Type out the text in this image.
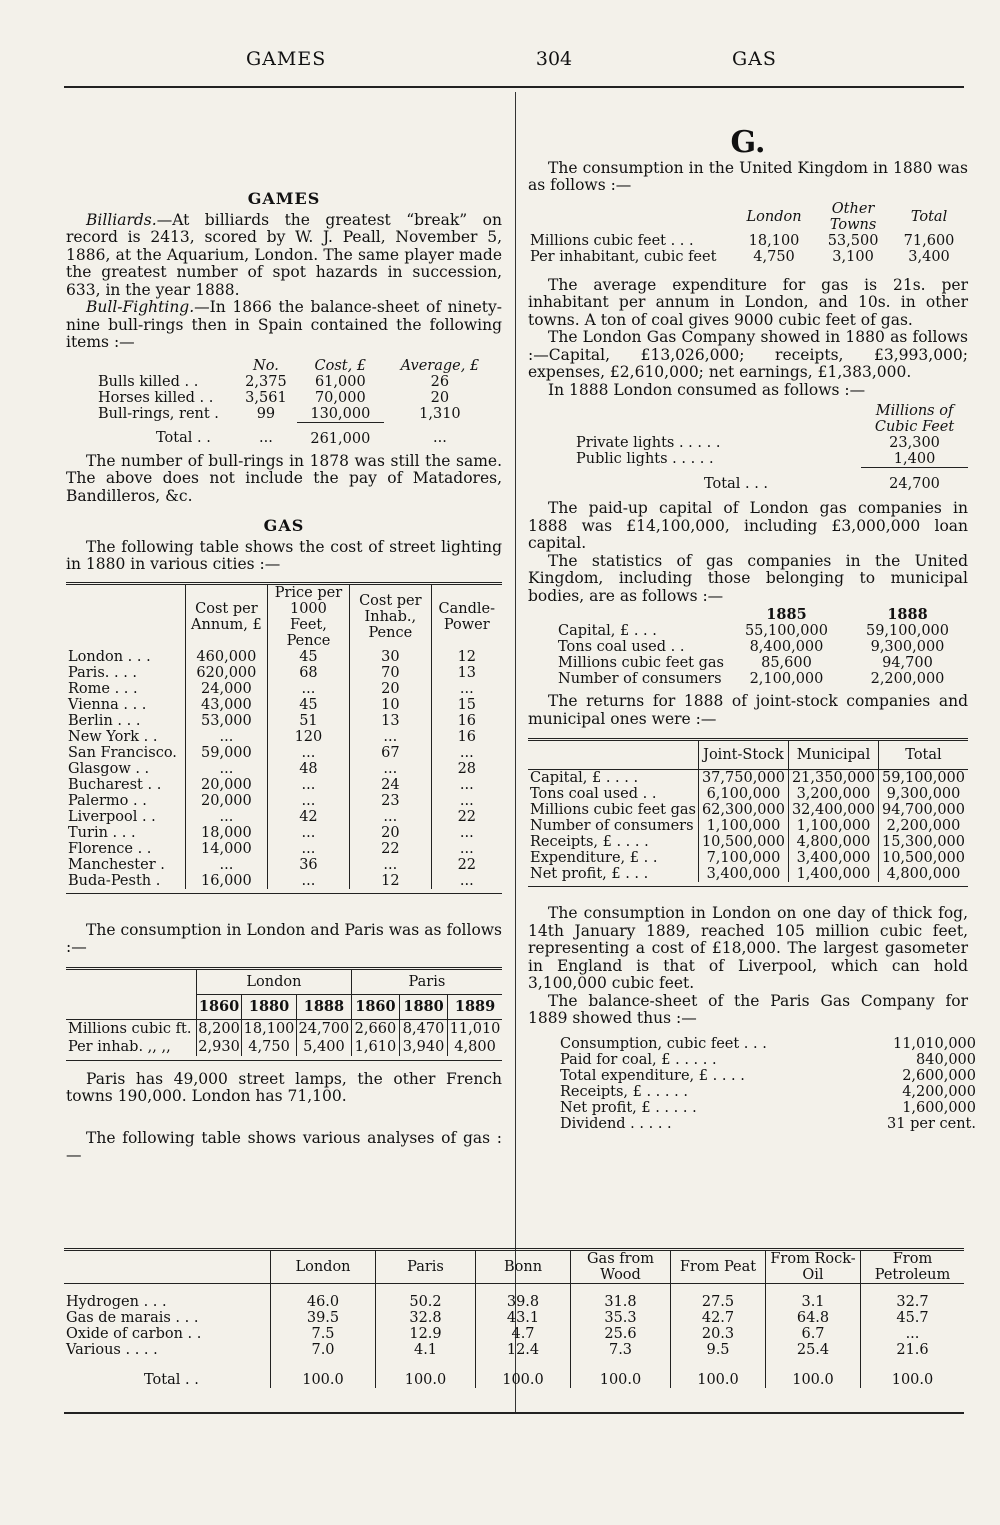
GAMES	304	GAS
GAMES

Billiards.—At billiards the greatest “break” on record is 2413, scored by W. J. Peall, November 5, 1886, at the Aquarium, London. The same player made the greatest number of spot hazards in succession, 633, in the year 1888.

Bull-Fighting.—In 1866 the balance-sheet of ninety-nine bull-rings then in Spain contained the following items :—

	No.	Cost, £	Average, £
Bulls killed . .	2,375	61,000	26
Horses killed . .	3,561	70,000	20
Bull-rings, rent .	99	130,000	1,310
Total . .	...	261,000	...

The number of bull-rings in 1878 was still the same. The above does not include the pay of Matadores, Bandilleros, &c.

GAS

The following table shows the cost of street lighting in 1880 in various cities :—

	Cost per Annum, £	Price per 1000 Feet, Pence	Cost per Inhab., Pence	Candle-Power
London . . .	460,000	45	30	12
Paris. . . .	620,000	68	70	13
Rome . . .	24,000	...	20	...
Vienna . . .	43,000	45	10	15
Berlin . . .	53,000	51	13	16
New York . .	...	120	...	16
San Francisco.	59,000	...	67	...
Glasgow . .	...	48	...	28
Bucharest . .	20,000	...	24	...
Palermo . .	20,000	...	23	...
Liverpool . .	...	42	...	22
Turin . . .	18,000	...	20	...
Florence . .	14,000	...	22	...
Manchester .	...	36	...	22
Buda-Pesth .	16,000	...	12	...

The consumption in London and Paris was as follows :—

	London			Paris		
	1860	1880	1888	1860	1880	1889
Millions cubic ft.	8,200	18,100	24,700	2,660	8,470	11,010
Per inhab. ,, ,,	2,930	4,750	5,400	1,610	3,940	4,800

Paris has 49,000 street lamps, the other French towns 190,000. London has 71,100.

The following table shows various analyses of gas :—

	London	Paris	Bonn	Gas from Wood	From Peat	From Rock-Oil	From Petroleum
Hydrogen . . .	46.0	50.2	39.8	31.8	27.5	3.1	32.7
Gas de marais . . .	39.5	32.8	43.1	35.3	42.7	64.8	45.7
Oxide of carbon . .	7.5	12.9	4.7	25.6	20.3	6.7	...
Various . . . .	7.0	4.1	12.4	7.3	9.5	25.4	21.6
Total . .	100.0	100.0	100.0	100.0	100.0	100.0	100.0
G.

The consumption in the United Kingdom in 1880 was as follows :—

	London	Other Towns	Total
Millions cubic feet . . .	18,100	53,500	71,600
Per inhabitant, cubic feet	4,750	3,100	3,400

The average expenditure for gas is 21s. per inhabitant per annum in London, and 10s. in other towns. A ton of coal gives 9000 cubic feet of gas.

The London Gas Company showed in 1880 as follows :—Capital, £13,026,000; receipts, £3,993,000; expenses, £2,610,000; net earnings, £1,383,000.

In 1888 London consumed as follows :—

	Millions of Cubic Feet
Private lights . . . . .	23,300
Public lights . . . . .	1,400
Total . . .	24,700

The paid-up capital of London gas companies in 1888 was £14,100,000, including £3,000,000 loan capital.

The statistics of gas companies in the United Kingdom, including those belonging to municipal bodies, are as follows :—

	1885	1888
Capital, £ . . .	55,100,000	59,100,000
Tons coal used . .	8,400,000	9,300,000
Millions cubic feet gas	85,600	94,700
Number of consumers	2,100,000	2,200,000

The returns for 1888 of joint-stock companies and municipal ones were :—

	Joint-Stock	Municipal	Total
Capital, £ . . . .	37,750,000	21,350,000	59,100,000
Tons coal used . .	6,100,000	3,200,000	9,300,000
Millions cubic feet gas	62,300,000	32,400,000	94,700,000
Number of consumers	1,100,000	1,100,000	2,200,000
Receipts, £ . . . .	10,500,000	4,800,000	15,300,000
Expenditure, £ . .	7,100,000	3,400,000	10,500,000
Net profit, £ . . .	3,400,000	1,400,000	4,800,000

The consumption in London on one day of thick fog, 14th January 1889, reached 105 million cubic feet, representing a cost of £18,000. The largest gasometer in England is that of Liverpool, which can hold 3,100,000 cubic feet.

The balance-sheet of the Paris Gas Company for 1889 showed thus :—

Consumption, cubic feet . . .	11,010,000
Paid for coal, £ . . . . .	840,000
Total expenditure, £ . . . .	2,600,000
Receipts, £ . . . . .	4,200,000
Net profit, £ . . . . .	1,600,000
Dividend . . . . .	31 per cent.
